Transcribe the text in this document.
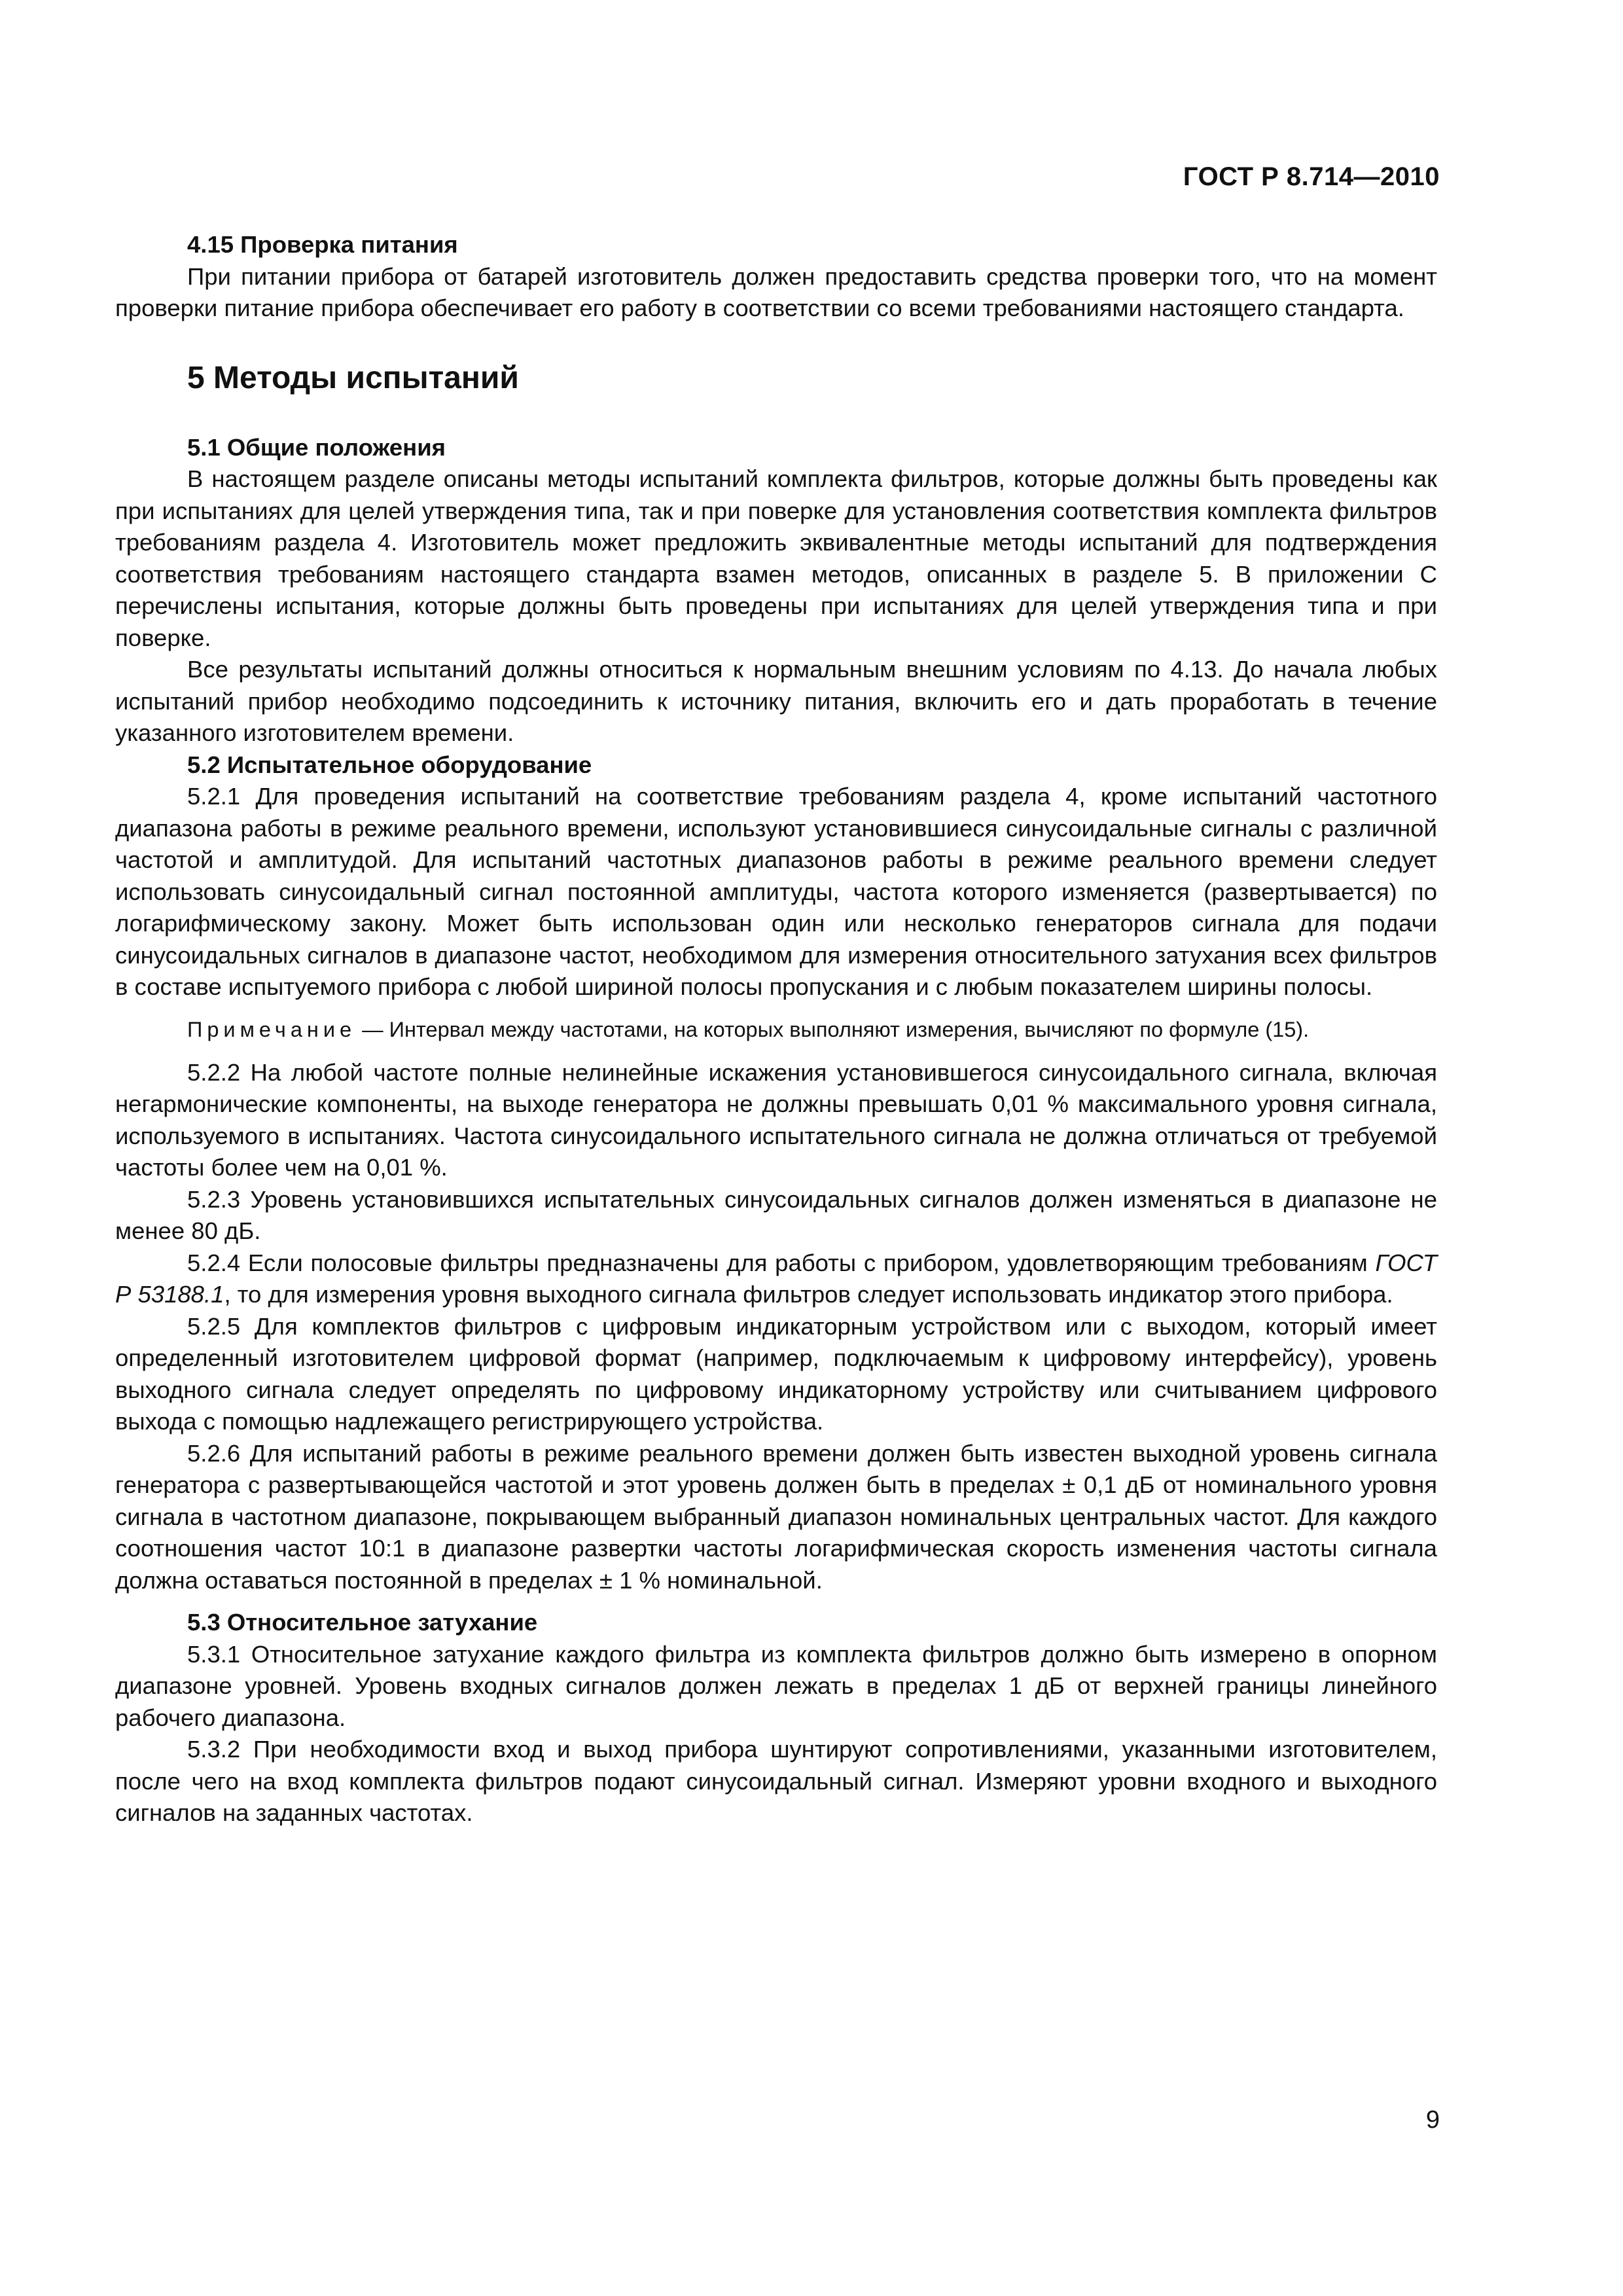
ГОСТ Р 8.714—2010
4.15 Проверка питания

При питании прибора от батарей изготовитель должен предоставить средства проверки того, что на момент проверки питание прибора обеспечивает его работу в соответствии со всеми требованиями настоящего стандарта.

5 Методы испытаний
5.1 Общие положения

В настоящем разделе описаны методы испытаний комплекта фильтров, которые должны быть проведены как при испытаниях для целей утверждения типа, так и при поверке для установления соответствия комплекта фильтров требованиям раздела 4. Изготовитель может предложить эквивалентные методы испытаний для подтверждения соответствия требованиям настоящего стандарта взамен методов, описанных в разделе 5. В приложении С перечислены испытания, которые должны быть проведены при испытаниях для целей утверждения типа и при поверке.

Все результаты испытаний должны относиться к нормальным внешним условиям по 4.13. До начала любых испытаний прибор необходимо подсоединить к источнику питания, включить его и дать проработать в течение указанного изготовителем времени.

5.2 Испытательное оборудование

5.2.1 Для проведения испытаний на соответствие требованиям раздела 4, кроме испытаний частотного диапазона работы в режиме реального времени, используют установившиеся синусоидальные сигналы с различной частотой и амплитудой. Для испытаний частотных диапазонов работы в режиме реального времени следует использовать синусоидальный сигнал постоянной амплитуды, частота которого изменяется (развертывается) по логарифмическому закону. Может быть использован один или несколько генераторов сигнала для подачи синусоидальных сигналов в диапазоне частот, необходимом для измерения относительного затухания всех фильтров в составе испытуемого прибора с любой шириной полосы пропускания и с любым показателем ширины полосы.

Примечание — Интервал между частотами, на которых выполняют измерения, вычисляют по формуле (15).

5.2.2 На любой частоте полные нелинейные искажения установившегося синусоидального сигнала, включая негармонические компоненты, на выходе генератора не должны превышать 0,01 % максимального уровня сигнала, используемого в испытаниях. Частота синусоидального испытательного сигнала не должна отличаться от требуемой частоты более чем на 0,01 %.

5.2.3 Уровень установившихся испытательных синусоидальных сигналов должен изменяться в диапазоне не менее 80 дБ.

5.2.4 Если полосовые фильтры предназначены для работы с прибором, удовлетворяющим требованиям ГОСТ Р 53188.1, то для измерения уровня выходного сигнала фильтров следует использовать индикатор этого прибора.

5.2.5 Для комплектов фильтров с цифровым индикаторным устройством или с выходом, который имеет определенный изготовителем цифровой формат (например, подключаемым к цифровому интерфейсу), уровень выходного сигнала следует определять по цифровому индикаторному устройству или считыванием цифрового выхода с помощью надлежащего регистрирующего устройства.

5.2.6 Для испытаний работы в режиме реального времени должен быть известен выходной уровень сигнала генератора с развертывающейся частотой и этот уровень должен быть в пределах ± 0,1 дБ от номинального уровня сигнала в частотном диапазоне, покрывающем выбранный диапазон номинальных центральных частот. Для каждого соотношения частот 10:1 в диапазоне развертки частоты логарифмическая скорость изменения частоты сигнала должна оставаться постоянной в пределах ± 1 % номинальной.

5.3 Относительное затухание

5.3.1 Относительное затухание каждого фильтра из комплекта фильтров должно быть измерено в опорном диапазоне уровней. Уровень входных сигналов должен лежать в пределах 1 дБ от верхней границы линейного рабочего диапазона.

5.3.2 При необходимости вход и выход прибора шунтируют сопротивлениями, указанными изготовителем, после чего на вход комплекта фильтров подают синусоидальный сигнал. Измеряют уровни входного и выходного сигналов на заданных частотах.

9
